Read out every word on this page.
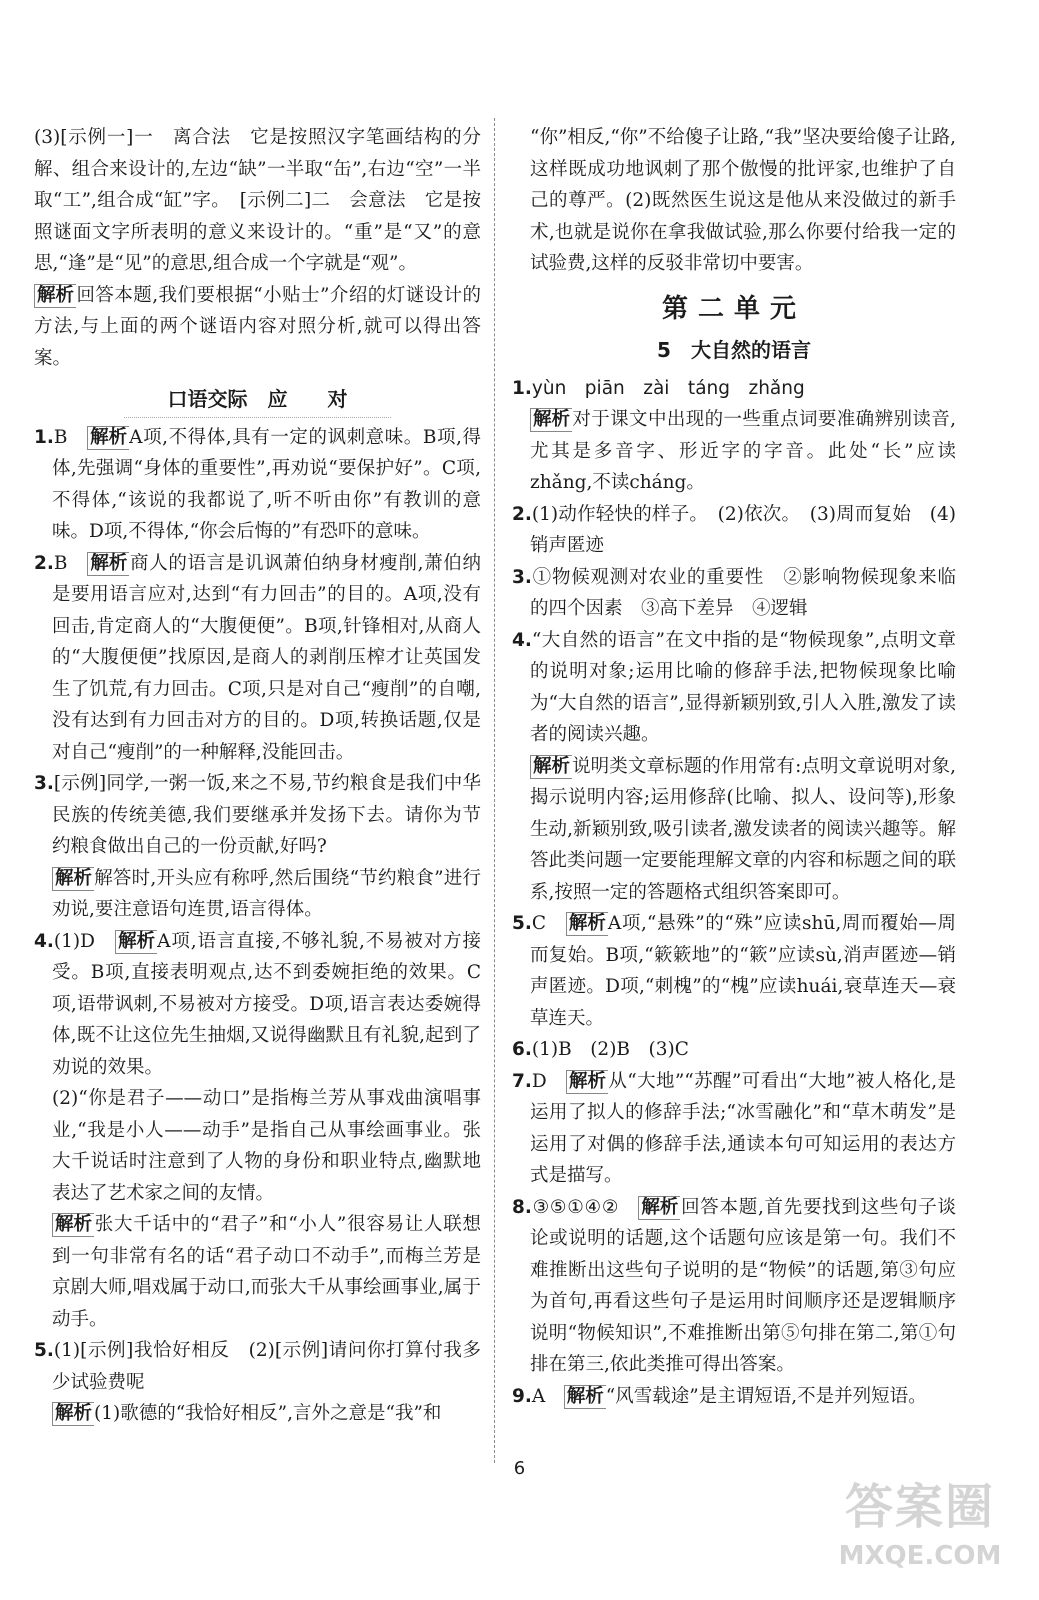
(3)[示例一]一　离合法　它是按照汉字笔画结构的分解、组合来设计的,左边“缺”一半取“缶”,右边“空”一半取“工”,组合成“缸”字。　[示例二]二　会意法　它是按照谜面文字所表明的意义来设计的。“重”是“又”的意思,“逢”是“见”的意思,组合成一个字就是“观”。

解析 回答本题,我们要根据“小贴士”介绍的灯谜设计的方法,与上面的两个谜语内容对照分析,就可以得出答案。

口语交际　应　　对

1.B　解析 A项,不得体,具有一定的讽刺意味。B项,得体,先强调“身体的重要性”,再劝说“要保护好”。C项,不得体,“该说的我都说了,听不听由你”有教训的意味。D项,不得体,“你会后悔的”有恐吓的意味。

2.B　解析 商人的语言是讥讽萧伯纳身材瘦削,萧伯纳是要用语言应对,达到“有力回击”的目的。A项,没有回击,肯定商人的“大腹便便”。B项,针锋相对,从商人的“大腹便便”找原因,是商人的剥削压榨才让英国发生了饥荒,有力回击。C项,只是对自己“瘦削”的自嘲,没有达到有力回击对方的目的。D项,转换话题,仅是对自己“瘦削”的一种解释,没能回击。

3.[示例]同学,一粥一饭,来之不易,节约粮食是我们中华民族的传统美德,我们要继承并发扬下去。请你为节约粮食做出自己的一份贡献,好吗?

解析 解答时,开头应有称呼,然后围绕“节约粮食”进行劝说,要注意语句连贯,语言得体。

4.(1)D　解析 A项,语言直接,不够礼貌,不易被对方接受。B项,直接表明观点,达不到委婉拒绝的效果。C项,语带讽刺,不易被对方接受。D项,语言表达委婉得体,既不让这位先生抽烟,又说得幽默且有礼貌,起到了劝说的效果。

(2)“你是君子——动口”是指梅兰芳从事戏曲演唱事业,“我是小人——动手”是指自己从事绘画事业。张大千说话时注意到了人物的身份和职业特点,幽默地表达了艺术家之间的友情。

解析 张大千话中的“君子”和“小人”很容易让人联想到一句非常有名的话“君子动口不动手”,而梅兰芳是京剧大师,唱戏属于动口,而张大千从事绘画事业,属于动手。

5.(1)[示例]我恰好相反　(2)[示例]请问你打算付我多少试验费呢

解析 (1)歌德的“我恰好相反”,言外之意是“我”和

“你”相反,“你”不给傻子让路,“我”坚决要给傻子让路,这样既成功地讽刺了那个傲慢的批评家,也维护了自己的尊严。(2)既然医生说这是他从来没做过的新手术,也就是说你在拿我做试验,那么你要付给我一定的试验费,这样的反驳非常切中要害。

第二单元
5　大自然的语言

1.yùn　piān　zài　táng　zhǎng

解析 对于课文中出现的一些重点词要准确辨别读音,尤其是多音字、形近字的字音。此处“长”应读zhǎng,不读cháng。

2.(1)动作轻快的样子。　(2)依次。　(3)周而复始　(4)销声匿迹

3.①物候观测对农业的重要性　②影响物候现象来临的四个因素　③高下差异　④逻辑

4.“大自然的语言”在文中指的是“物候现象”,点明文章的说明对象;运用比喻的修辞手法,把物候现象比喻为“大自然的语言”,显得新颖别致,引人入胜,激发了读者的阅读兴趣。

解析 说明类文章标题的作用常有:点明文章说明对象,揭示说明内容;运用修辞(比喻、拟人、设问等),形象生动,新颖别致,吸引读者,激发读者的阅读兴趣等。解答此类问题一定要能理解文章的内容和标题之间的联系,按照一定的答题格式组织答案即可。

5.C　解析 A项,“悬殊”的“殊”应读shū,周而覆始—周而复始。B项,“簌簌地”的“簌”应读sù,消声匿迹—销声匿迹。D项,“刺槐”的“槐”应读huái,衰草连天—衰草连天。

6.(1)B　(2)B　(3)C

7.D　解析 从“大地”“苏醒”可看出“大地”被人格化,是运用了拟人的修辞手法;“冰雪融化”和“草木萌发”是运用了对偶的修辞手法,通读本句可知运用的表达方式是描写。

8.③⑤①④②　解析 回答本题,首先要找到这些句子谈论或说明的话题,这个话题句应该是第一句。我们不难推断出这些句子说明的是“物候”的话题,第③句应为首句,再看这些句子是运用时间顺序还是逻辑顺序说明“物候知识”,不难推断出第⑤句排在第二,第①句排在第三,依此类推可得出答案。

9.A　解析 “风雪载途”是主谓短语,不是并列短语。

6
答案圈
MXQE.COM
